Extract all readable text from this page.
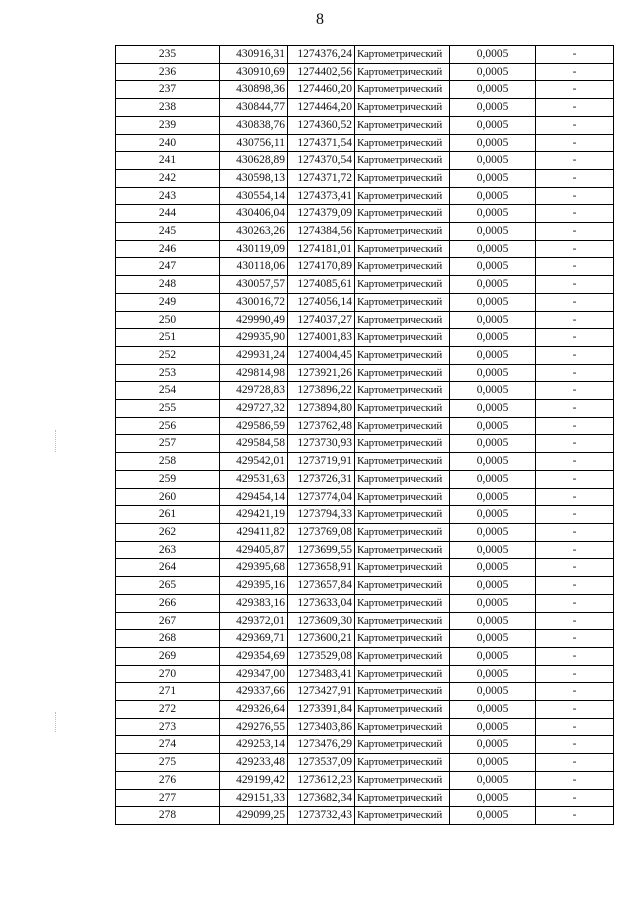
8
235	430916,31	1274376,24	Картометрический	0,0005	-
236	430910,69	1274402,56	Картометрический	0,0005	-
237	430898,36	1274460,20	Картометрический	0,0005	-
238	430844,77	1274464,20	Картометрический	0,0005	-
239	430838,76	1274360,52	Картометрический	0,0005	-
240	430756,11	1274371,54	Картометрический	0,0005	-
241	430628,89	1274370,54	Картометрический	0,0005	-
242	430598,13	1274371,72	Картометрический	0,0005	-
243	430554,14	1274373,41	Картометрический	0,0005	-
244	430406,04	1274379,09	Картометрический	0,0005	-
245	430263,26	1274384,56	Картометрический	0,0005	-
246	430119,09	1274181,01	Картометрический	0,0005	-
247	430118,06	1274170,89	Картометрический	0,0005	-
248	430057,57	1274085,61	Картометрический	0,0005	-
249	430016,72	1274056,14	Картометрический	0,0005	-
250	429990,49	1274037,27	Картометрический	0,0005	-
251	429935,90	1274001,83	Картометрический	0,0005	-
252	429931,24	1274004,45	Картометрический	0,0005	-
253	429814,98	1273921,26	Картометрический	0,0005	-
254	429728,83	1273896,22	Картометрический	0,0005	-
255	429727,32	1273894,80	Картометрический	0,0005	-
256	429586,59	1273762,48	Картометрический	0,0005	-
257	429584,58	1273730,93	Картометрический	0,0005	-
258	429542,01	1273719,91	Картометрический	0,0005	-
259	429531,63	1273726,31	Картометрический	0,0005	-
260	429454,14	1273774,04	Картометрический	0,0005	-
261	429421,19	1273794,33	Картометрический	0,0005	-
262	429411,82	1273769,08	Картометрический	0,0005	-
263	429405,87	1273699,55	Картометрический	0,0005	-
264	429395,68	1273658,91	Картометрический	0,0005	-
265	429395,16	1273657,84	Картометрический	0,0005	-
266	429383,16	1273633,04	Картометрический	0,0005	-
267	429372,01	1273609,30	Картометрический	0,0005	-
268	429369,71	1273600,21	Картометрический	0,0005	-
269	429354,69	1273529,08	Картометрический	0,0005	-
270	429347,00	1273483,41	Картометрический	0,0005	-
271	429337,66	1273427,91	Картометрический	0,0005	-
272	429326,64	1273391,84	Картометрический	0,0005	-
273	429276,55	1273403,86	Картометрический	0,0005	-
274	429253,14	1273476,29	Картометрический	0,0005	-
275	429233,48	1273537,09	Картометрический	0,0005	-
276	429199,42	1273612,23	Картометрический	0,0005	-
277	429151,33	1273682,34	Картометрический	0,0005	-
278	429099,25	1273732,43	Картометрический	0,0005	-
